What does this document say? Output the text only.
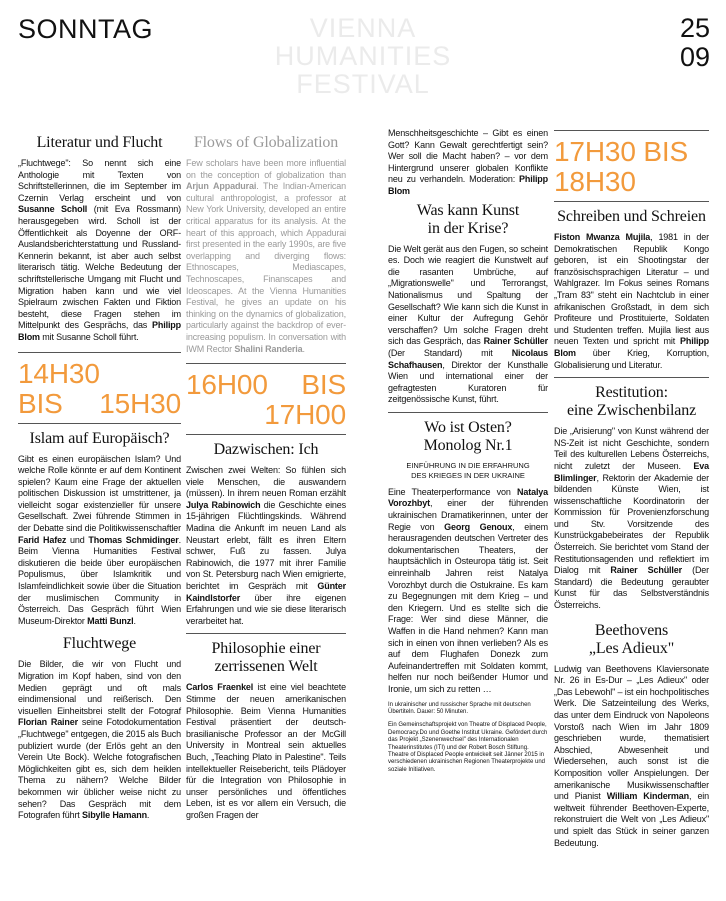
SONNTAG	VIENNA
HUMANITIES
FESTIVAL
25
09
Literatur und Flucht

„Fluchtwege": So nennt sich eine Anthologie mit Texten von Schriftstellerinnen, die im September im Czernin Verlag erscheint und von Susanne Scholl (mit Eva Rossmann) herausgegeben wird. Scholl ist der Öffentlichkeit als Doyenne der ORF-Auslandsberichterstattung und Russland-Kennerin bekannt, ist aber auch selbst literarisch tätig. Welche Bedeutung der schriftstellerische Umgang mit Flucht und Migration haben kann und wie viel Spielraum zwischen Fakten und Fiktion besteht, diese Fragen stehen im Mittelpunkt des Gesprächs, das Philipp Blom mit Susanne Scholl führt.

14H30
BIS 15H30
Islam auf Europäisch?

Gibt es einen europäischen Islam? Und welche Rolle könnte er auf dem Kontinent spielen? Kaum eine Frage der aktuellen politischen Diskussion ist umstrittener, ja vielleicht sogar existenzieller für unsere Gesellschaft. Zwei führende Stimmen in der Debatte sind die Politikwissenschaftler Farid Hafez und Thomas Schmidinger. Beim Vienna Humanities Festival diskutieren die beide über europäischen Populismus, über Islamkritik und Islamfeindlichkeit sowie über die Situation der muslimischen Community in Österreich. Das Gespräch führt Wien Museum-Direktor Matti Bunzl.

Fluchtwege

Die Bilder, die wir von Flucht und Migration im Kopf haben, sind von den Medien geprägt und oft mals eindimensional und reißerisch. Den visuellen Einheitsbrei stellt der Fotograf Florian Rainer seine Fotodokumentation „Fluchtwege" entgegen, die 2015 als Buch publiziert wurde (der Erlös geht an den Verein Ute Bock). Welche fotografischen Möglichkeiten gibt es, sich dem heiklen Thema zu nähern? Welche Bilder bekommen wir üblicher weise nicht zu sehen? Das Gespräch mit dem Fotografen führt Sibylle Hamann.

Flows of Globalization

Few scholars have been more influential on the conception of globalization than Arjun Appadurai. The Indian-American cultural anthropologist, a professor at New York University, developed an entire critical apparatus for its analysis. At the heart of this approach, which Appadurai first presented in the early 1990s, are five overlapping and diverging flows: Ethnoscapes, Mediascapes, Technoscapes, Finanscapes and Ideoscapes. At the Vienna Humanities Festival, he gives an update on his thinking on the dynamics of globalization, particularly against the backdrop of ever-increasing populism. In conversation with IWM Rector Shalini Randeria.

16H00 BIS
17H00
Dazwischen: Ich

Zwischen zwei Welten: So fühlen sich viele Menschen, die auswandern (müssen). In ihrem neuen Roman erzählt Julya Rabinowich die Geschichte eines 15-jährigen Flüchtlingskinds. Während Madina die Ankunft im neuen Land als Neustart erlebt, fällt es ihren Eltern schwer, Fuß zu fassen. Julya Rabinowich, die 1977 mit ihrer Familie von St. Petersburg nach Wien emigrierte, berichtet im Gespräch mit Günter Kaindlstorfer über ihre eigenen Erfahrungen und wie sie diese literarisch verarbeitet hat.

Philosophie einer
zerrissenen Welt

Carlos Fraenkel ist eine viel beachtete Stimme der neuen amerikanischen Philosophie. Beim Vienna Humanities Festival präsentiert der deutsch-brasilianische Professor an der McGill University in Montreal sein aktuelles Buch, „Teaching Plato in Palestine". Teils intellektueller Reisebericht, teils Plädoyer für die Integration von Philosophie in unser persönliches und öffentliches Leben, ist es vor allem ein Versuch, die großen Fragen der

Menschheitsgeschichte – Gibt es einen Gott? Kann Gewalt gerechtfertigt sein? Wer soll die Macht haben? – vor dem Hintergrund unserer globalen Konflikte neu zu verhandeln. Moderation: Philipp Blom

Was kann Kunst
in der Krise?

Die Welt gerät aus den Fugen, so scheint es. Doch wie reagiert die Kunstwelt auf die rasanten Umbrüche, auf „Migrationswelle" und Terrorangst, Nationalismus und Spaltung der Gesellschaft? Wie kann sich die Kunst in einer Kultur der Aufregung Gehör verschaffen? Um solche Fragen dreht sich das Gespräch, das Rainer Schüller (Der Standard) mit Nicolaus Schafhausen, Direktor der Kunsthalle Wien und international einer der gefragtesten Kuratoren für zeitgenössische Kunst, führt.

Wo ist Osten?
Monolog Nr.1
EINFÜHRUNG IN DIE ERFAHRUNG
DES KRIEGES IN DER UKRAINE

Eine Theaterperformance von Natalya Vorozhbyt, einer der führenden ukrainischen Dramatikerinnen, unter der Regie von Georg Genoux, einem herausragenden deutschen Vertreter des dokumentarischen Theaters, der hauptsächlich in Osteuropa tätig ist. Seit einreinhalb Jahren reist Natalya Vorozhbyt durch die Ostukraine. Es kam zu Begegnungen mit dem Krieg – und den Kriegern. Und es stellte sich die Frage: Wer sind diese Männer, die Waffen in die Hand nehmen? Kann man sich in einen von ihnen verlieben? Als es auf dem Flughafen Donezk zum Aufeinandertreffen mit Soldaten kommt, helfen nur noch beißender Humor und Ironie, um sich zu retten …

In ukrainischer und russischer Sprache mit deutschen Übertiteln. Dauer: 50 Minuten.

Ein Gemeinschaftsprojekt von Theatre of Displaced People, Democracy.Do und Goethe Institut Ukraine. Gefördert durch das Projekt „Szenenwechsel" des Internationalen Theaterinstitutes (ITI) und der Robert Bosch Stiftung. Theatre of Displaced People entwickelt seit Jänner 2015 in verschiedenen ukrainischen Regionen Theaterprojekte und soziale Initiativen.

17H30 BIS
18H30
Schreiben und Schreien

Fiston Mwanza Mujila, 1981 in der Demokratischen Republik Kongo geboren, ist ein Shootingstar der französischsprachigen Literatur – und Wahlgrazer. Im Fokus seines Romans „Tram 83" steht ein Nachtclub in einer afrikanischen Großstadt, in dem sich Profiteure und Prostituierte, Soldaten und Studenten treffen. Mujila liest aus neuen Texten und spricht mit Philipp Blom über Krieg, Korruption, Globalisierung und Literatur.

Restitution:
eine Zwischenbilanz

Die „Arisierung" von Kunst während der NS-Zeit ist nicht Geschichte, sondern Teil des kulturellen Lebens Österreichs, nicht zuletzt der Museen. Eva Blimlinger, Rektorin der Akademie der bildenden Künste Wien, ist wissenschaftliche Koordinatorin der Kommission für Provenienzforschung und Stv. Vorsitzende des Kunstrückgabebeirates der Republik Österreich. Sie berichtet vom Stand der Restitutionsagenden und reflektiert im Dialog mit Rainer Schüller (Der Standard) die Bedeutung geraubter Kunst für das Selbstverständnis Österreichs.

Beethovens
„Les Adieux"

Ludwig van Beethovens Klaviersonate Nr. 26 in Es-Dur – „Les Adieux" oder „Das Lebewohl" – ist ein hochpolitisches Werk. Die Satzeinteilung des Werks, das unter dem Eindruck von Napoleons Vorstoß nach Wien im Jahr 1809 geschrieben wurde, thematisiert Abschied, Abwesenheit und Wiedersehen, auch sonst ist die Komposition voller Anspielungen. Der amerikanische Musikwissenschaftler und Pianist William Kinderman, ein weltweit führender Beethoven-Experte, rekonstruiert die Welt von „Les Adieux" und spielt das Stück in seiner ganzen Bedeutung.
